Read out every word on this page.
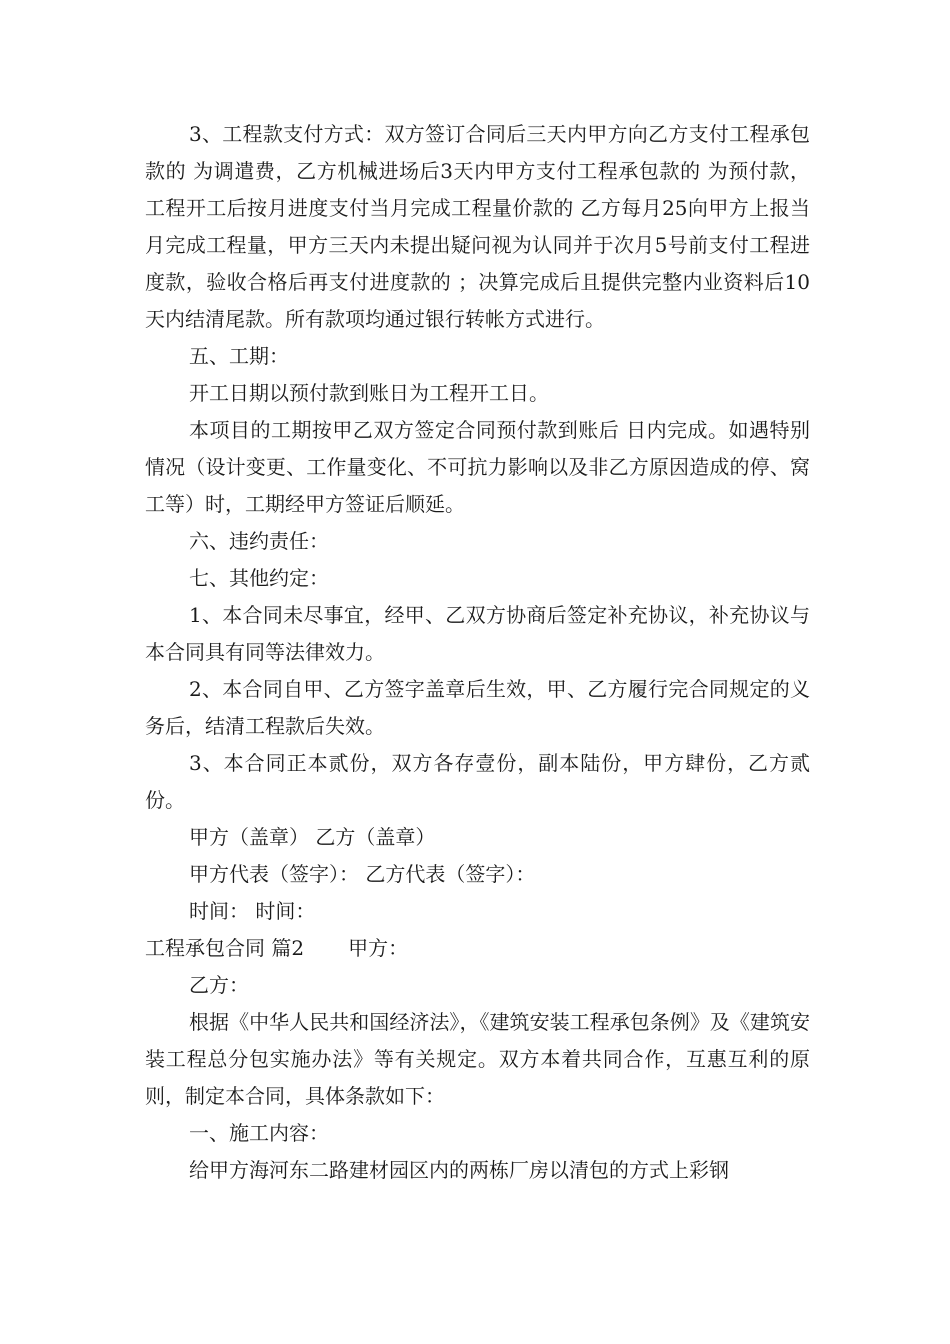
3、工程款支付方式：双方签订合同后三天内甲方向乙方支付工程承包款的 为调遣费，乙方机械进场后3天内甲方支付工程承包款的 为预付款，工程开工后按月进度支付当月完成工程量价款的 乙方每月25向甲方上报当月完成工程量，甲方三天内未提出疑问视为认同并于次月5号前支付工程进度款，验收合格后再支付进度款的 ；决算完成后且提供完整内业资料后10天内结清尾款。所有款项均通过银行转帐方式进行。

五、工期：

开工日期以预付款到账日为工程开工日。

本项目的工期按甲乙双方签定合同预付款到账后 日内完成。如遇特别情况（设计变更、工作量变化、不可抗力影响以及非乙方原因造成的停、窝工等）时，工期经甲方签证后顺延。

六、违约责任：

七、其他约定：

1、本合同未尽事宜，经甲、乙双方协商后签定补充协议，补充协议与本合同具有同等法律效力。

2、本合同自甲、乙方签字盖章后生效，甲、乙方履行完合同规定的义务后，结清工程款后失效。

3、本合同正本贰份，双方各存壹份，副本陆份，甲方肆份，乙方贰份。

甲方（盖章） 乙方（盖章）

甲方代表（签字）： 乙方代表（签字）：

时间： 时间：

工程承包合同 篇2 甲方：

乙方：

根据《中华人民共和国经济法》，《建筑安装工程承包条例》及《建筑安装工程总分包实施办法》等有关规定。双方本着共同合作，互惠互利的原则，制定本合同，具体条款如下：

一、施工内容：

给甲方海河东二路建材园区内的两栋厂房以清包的方式上彩钢
